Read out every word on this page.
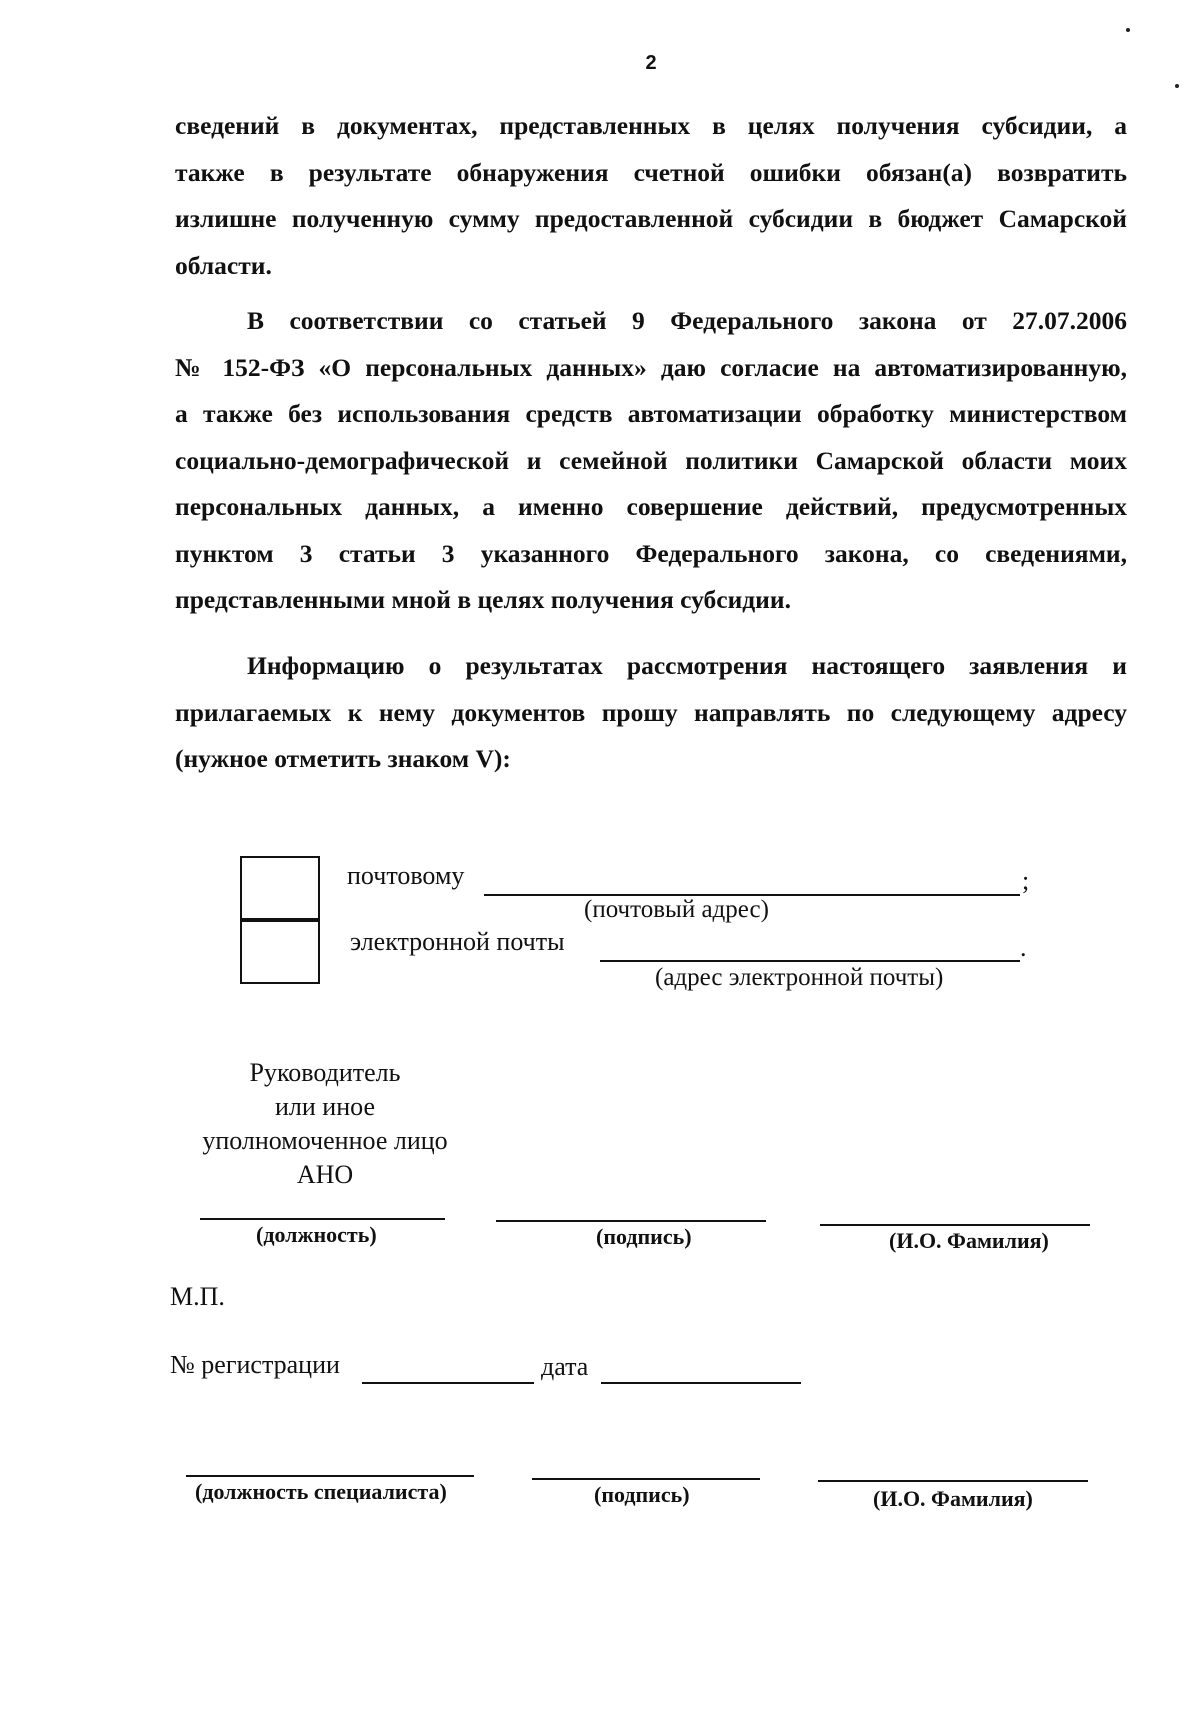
2
сведений в документах, представленных в целях получения субсидии, а
также в результате обнаружения счетной ошибки обязан(а) возвратить
излишне полученную сумму предоставленной субсидии в бюджет Самарской
области.
В соответствии со статьей 9 Федерального закона от 27.07.2006
№ 152-ФЗ «О персональных данных» даю согласие на автоматизированную,
а также без использования средств автоматизации обработку министерством
социально-демографической и семейной политики Самарской области моих
персональных данных, а именно совершение действий, предусмотренных
пунктом 3 статьи 3 указанного Федерального закона, со сведениями,
представленными мной в целях получения субсидии.
Информацию о результатах рассмотрения настоящего заявления и
прилагаемых к нему документов прошу направлять по следующему адресу
(нужное отметить знаком V):
почтовому	;
(почтовый адрес)
электронной почты	.
(адрес электронной почты)
Руководитель
или иное
уполномоченное лицо
АНО
(должность)	(подпись)	(И.О. Фамилия)
М.П.
№ регистрации	дата
(должность специалиста)	(подпись)	(И.О. Фамилия)
